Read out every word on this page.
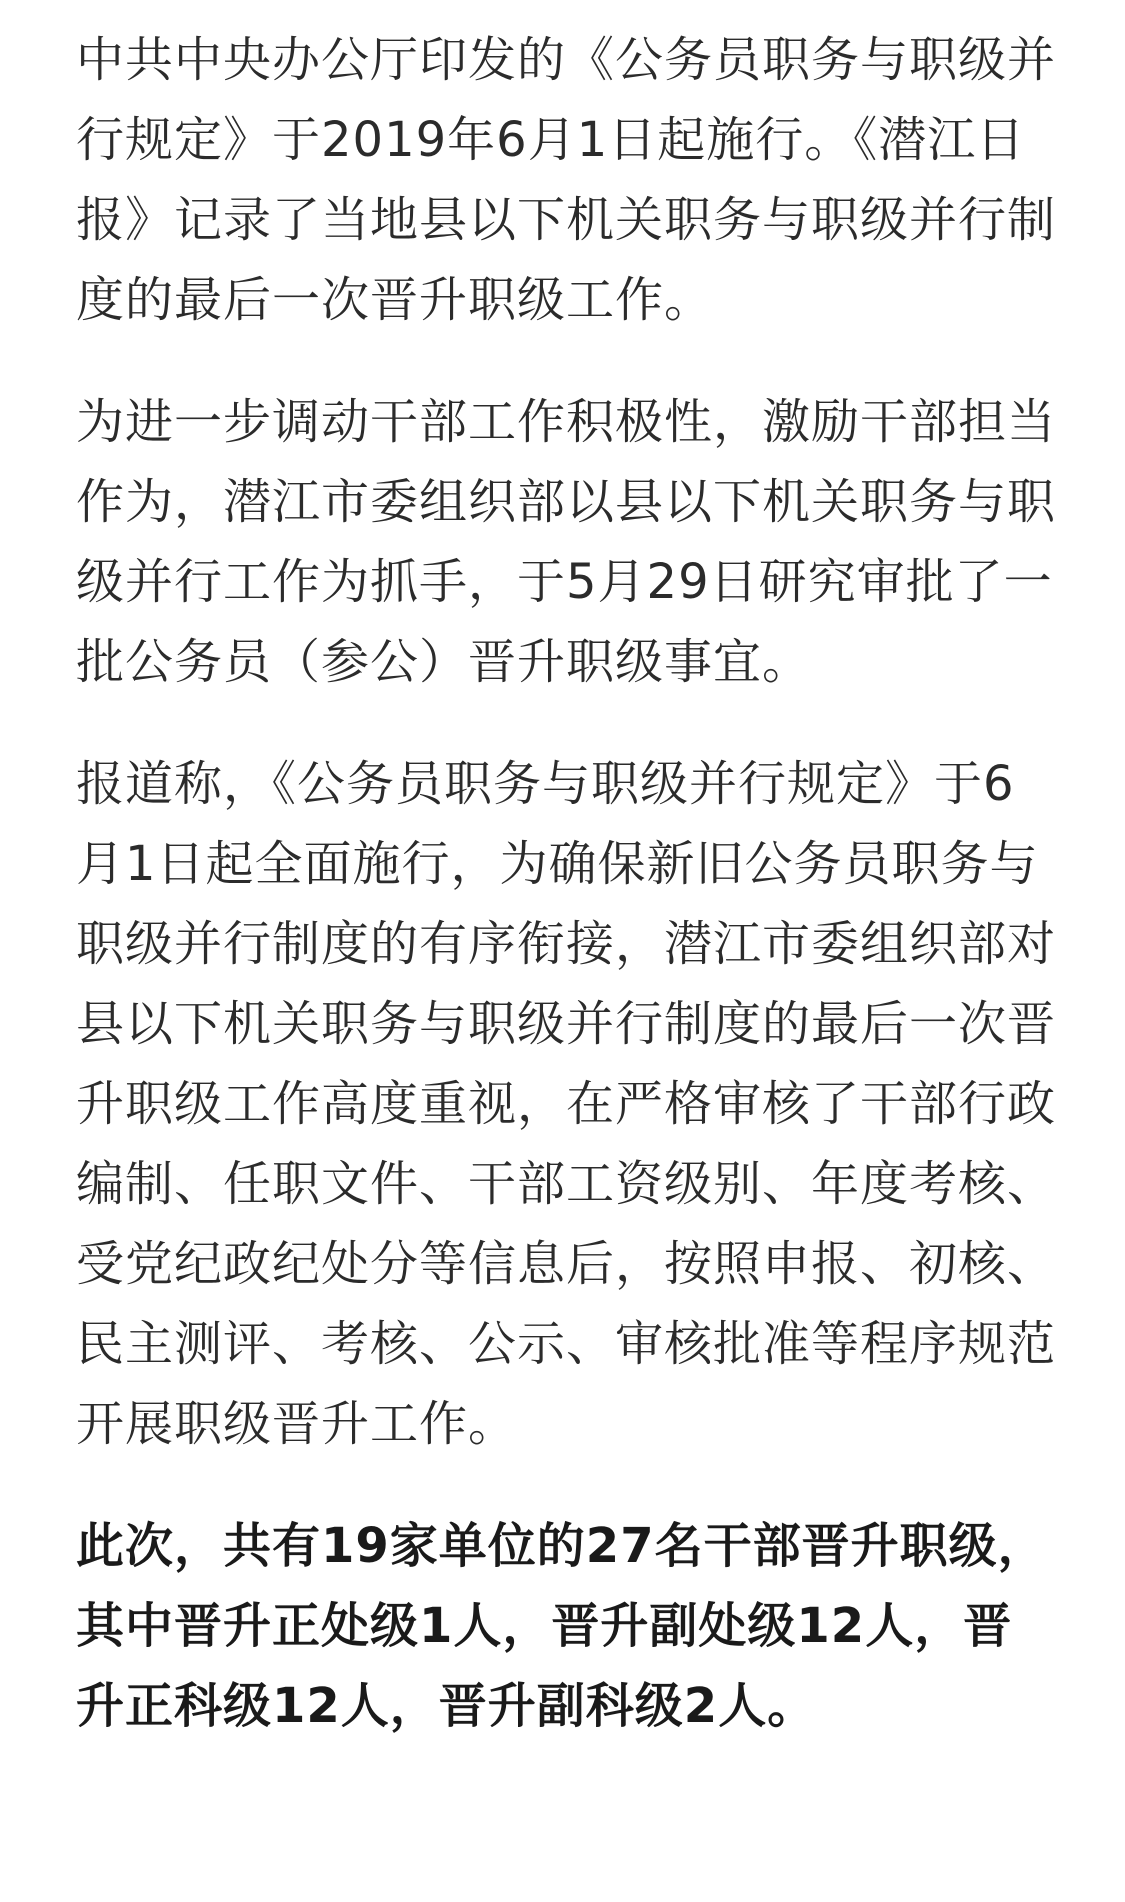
中共中央办公厅印发的《公务员职务与职级并行规定》于2019年6月1日起施行。《潜江日报》记录了当地县以下机关职务与职级并行制度的最后一次晋升职级工作。

为进一步调动干部工作积极性，激励干部担当作为，潜江市委组织部以县以下机关职务与职级并行工作为抓手，于5月29日研究审批了一批公务员（参公）晋升职级事宜。

报道称，《公务员职务与职级并行规定》于6月1日起全面施行，为确保新旧公务员职务与职级并行制度的有序衔接，潜江市委组织部对县以下机关职务与职级并行制度的最后一次晋升职级工作高度重视，在严格审核了干部行政编制、任职文件、干部工资级别、年度考核、受党纪政纪处分等信息后，按照申报、初核、民主测评、考核、公示、审核批准等程序规范开展职级晋升工作。

此次，共有19家单位的27名干部晋升职级，其中晋升正处级1人，晋升副处级12人，晋升正科级12人，晋升副科级2人。
